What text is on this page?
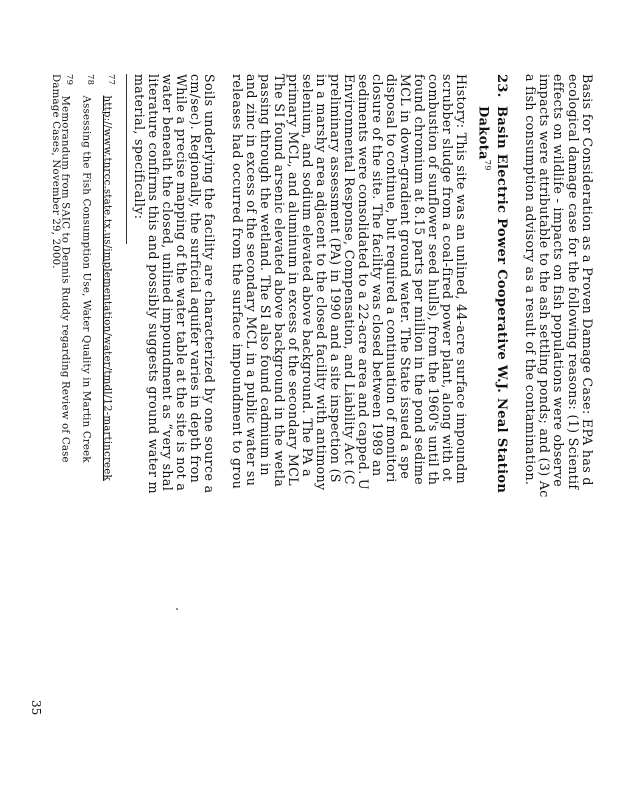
Basis for Consideration as a Proven Damage Case: EPA has d
ecological damage case for the following reasons: (1) Scientif
effects on wildlife - impacts on fish populations were observe
impacts were attributable to the ash settling ponds; and (3) Ac
a fish consumption advisory as a result of the contamination.
23.
Basin Electric Power Cooperative W.J. Neal Station
Dakota$^{79}$
History: This site was an unlined, 44-acre surface impoundm
scrubber sludge from a coal-fired power plant, along with ot
combustion of sunflower seed hulls), from the 1960's until th
found chromium at 8.15 parts per million in the pond sedime
MCL in down-gradient ground water. The State issued a spe
disposal to continue, but required a continuation of monitori
closure of the site. The facility was closed between 1989 an
sediments were consolidated to a 22-acre area and capped. U
Environmental Response, Compensation, and Liability Act (C
preliminary assessment (PA) in 1990 and a site inspection (S
in a marshy area adjacent to the closed facility with antimony
selenium, and sodium elevated above background. The PA a
primary MCL, and aluminum in excess of the secondary MCL
The SI found arsenic elevated above background in the wetla
passing through the wetland. The SI also found cadmium in
and zinc in excess of the secondary MCL in a public water su
releases had occurred from the surface impoundment to grou
Soils underlying the facility are characterized by one source a
cm/sec). Regionally, the surficial aquifer varies in depth fron
While a precise mapping of the water table at the site is not a
water beneath the closed, unlined impoundment as “very shal
literature confirms this and possibly suggests ground water m
material, specifically:
$^{77}$   http://www.tnrcc.state.tx.us/implementation/water/tmdl/12-martincreek
$^{78}$   Assessing the Fish Consumption Use, Water Quality in Martin Creek
$^{79}$   Memorandum from SAIC to Dennis Ruddy regarding Review of Case
Damage Cases, November 29, 2000.
35
